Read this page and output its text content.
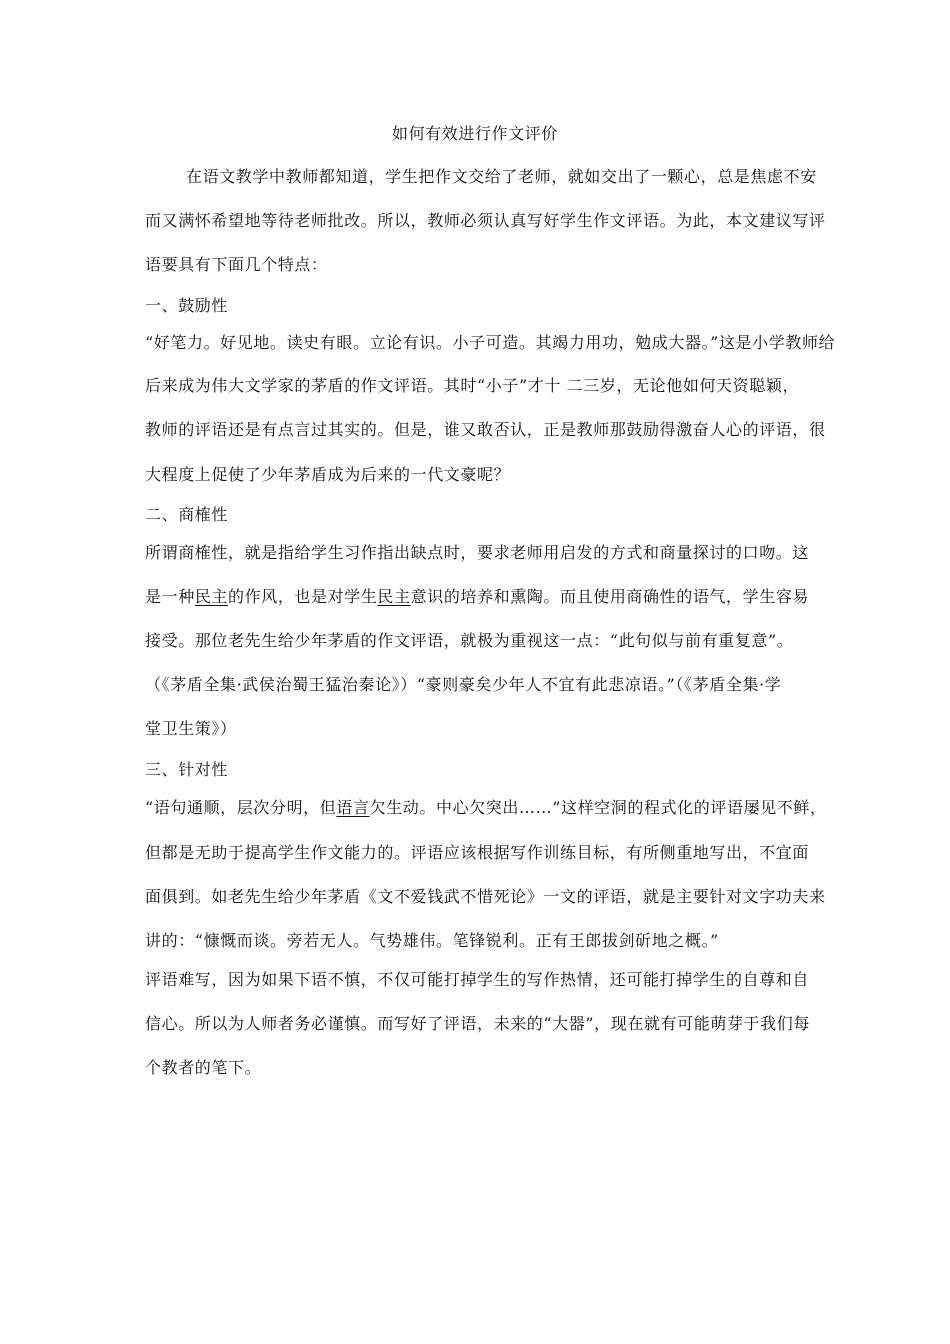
如何有效进行作文评价
在语文教学中教师都知道，学生把作文交给了老师，就如交出了一颗心，总是焦虑不安
而又满怀希望地等待老师批改。所以，教师必须认真写好学生作文评语。为此，本文建议写评
语要具有下面几个特点：
一、鼓励性
“好笔力。好见地。读史有眼。立论有识。小子可造。其竭力用功，勉成大器。”这是小学教师给
后来成为伟大文学家的茅盾的作文评语。其时“小子”才十 二三岁，无论他如何天资聪颖，
教师的评语还是有点言过其实的。但是，谁又敢否认，正是教师那鼓励得激奋人心的评语，很
大程度上促使了少年茅盾成为后来的一代文豪呢？
二、商榷性
所谓商榷性，就是指给学生习作指出缺点时，要求老师用启发的方式和商量探讨的口吻。这
是一种民主的作风，也是对学生民主意识的培养和熏陶。而且使用商确性的语气，学生容易
接受。那位老先生给少年茅盾的作文评语，就极为重视这一点：“此句似与前有重复意”。
（《茅盾全集·武侯治蜀王猛治秦论》）“豪则豪矣少年人不宜有此悲凉语。”（《茅盾全集·学
堂卫生策》）
三、针对性
“语句通顺，层次分明，但语言欠生动。中心欠突出……”这样空洞的程式化的评语屡见不鲜，
但都是无助于提高学生作文能力的。评语应该根据写作训练目标，有所侧重地写出，不宜面
面俱到。如老先生给少年茅盾《文不爱钱武不惜死论》一文的评语，就是主要针对文字功夫来
讲的：“慷慨而谈。旁若无人。气势雄伟。笔锋锐利。正有王郎拔剑斫地之概。”
评语难写，因为如果下语不慎，不仅可能打掉学生的写作热情，还可能打掉学生的自尊和自
信心。所以为人师者务必谨慎。而写好了评语，未来的“大器”，现在就有可能萌芽于我们每
个教者的笔下。
